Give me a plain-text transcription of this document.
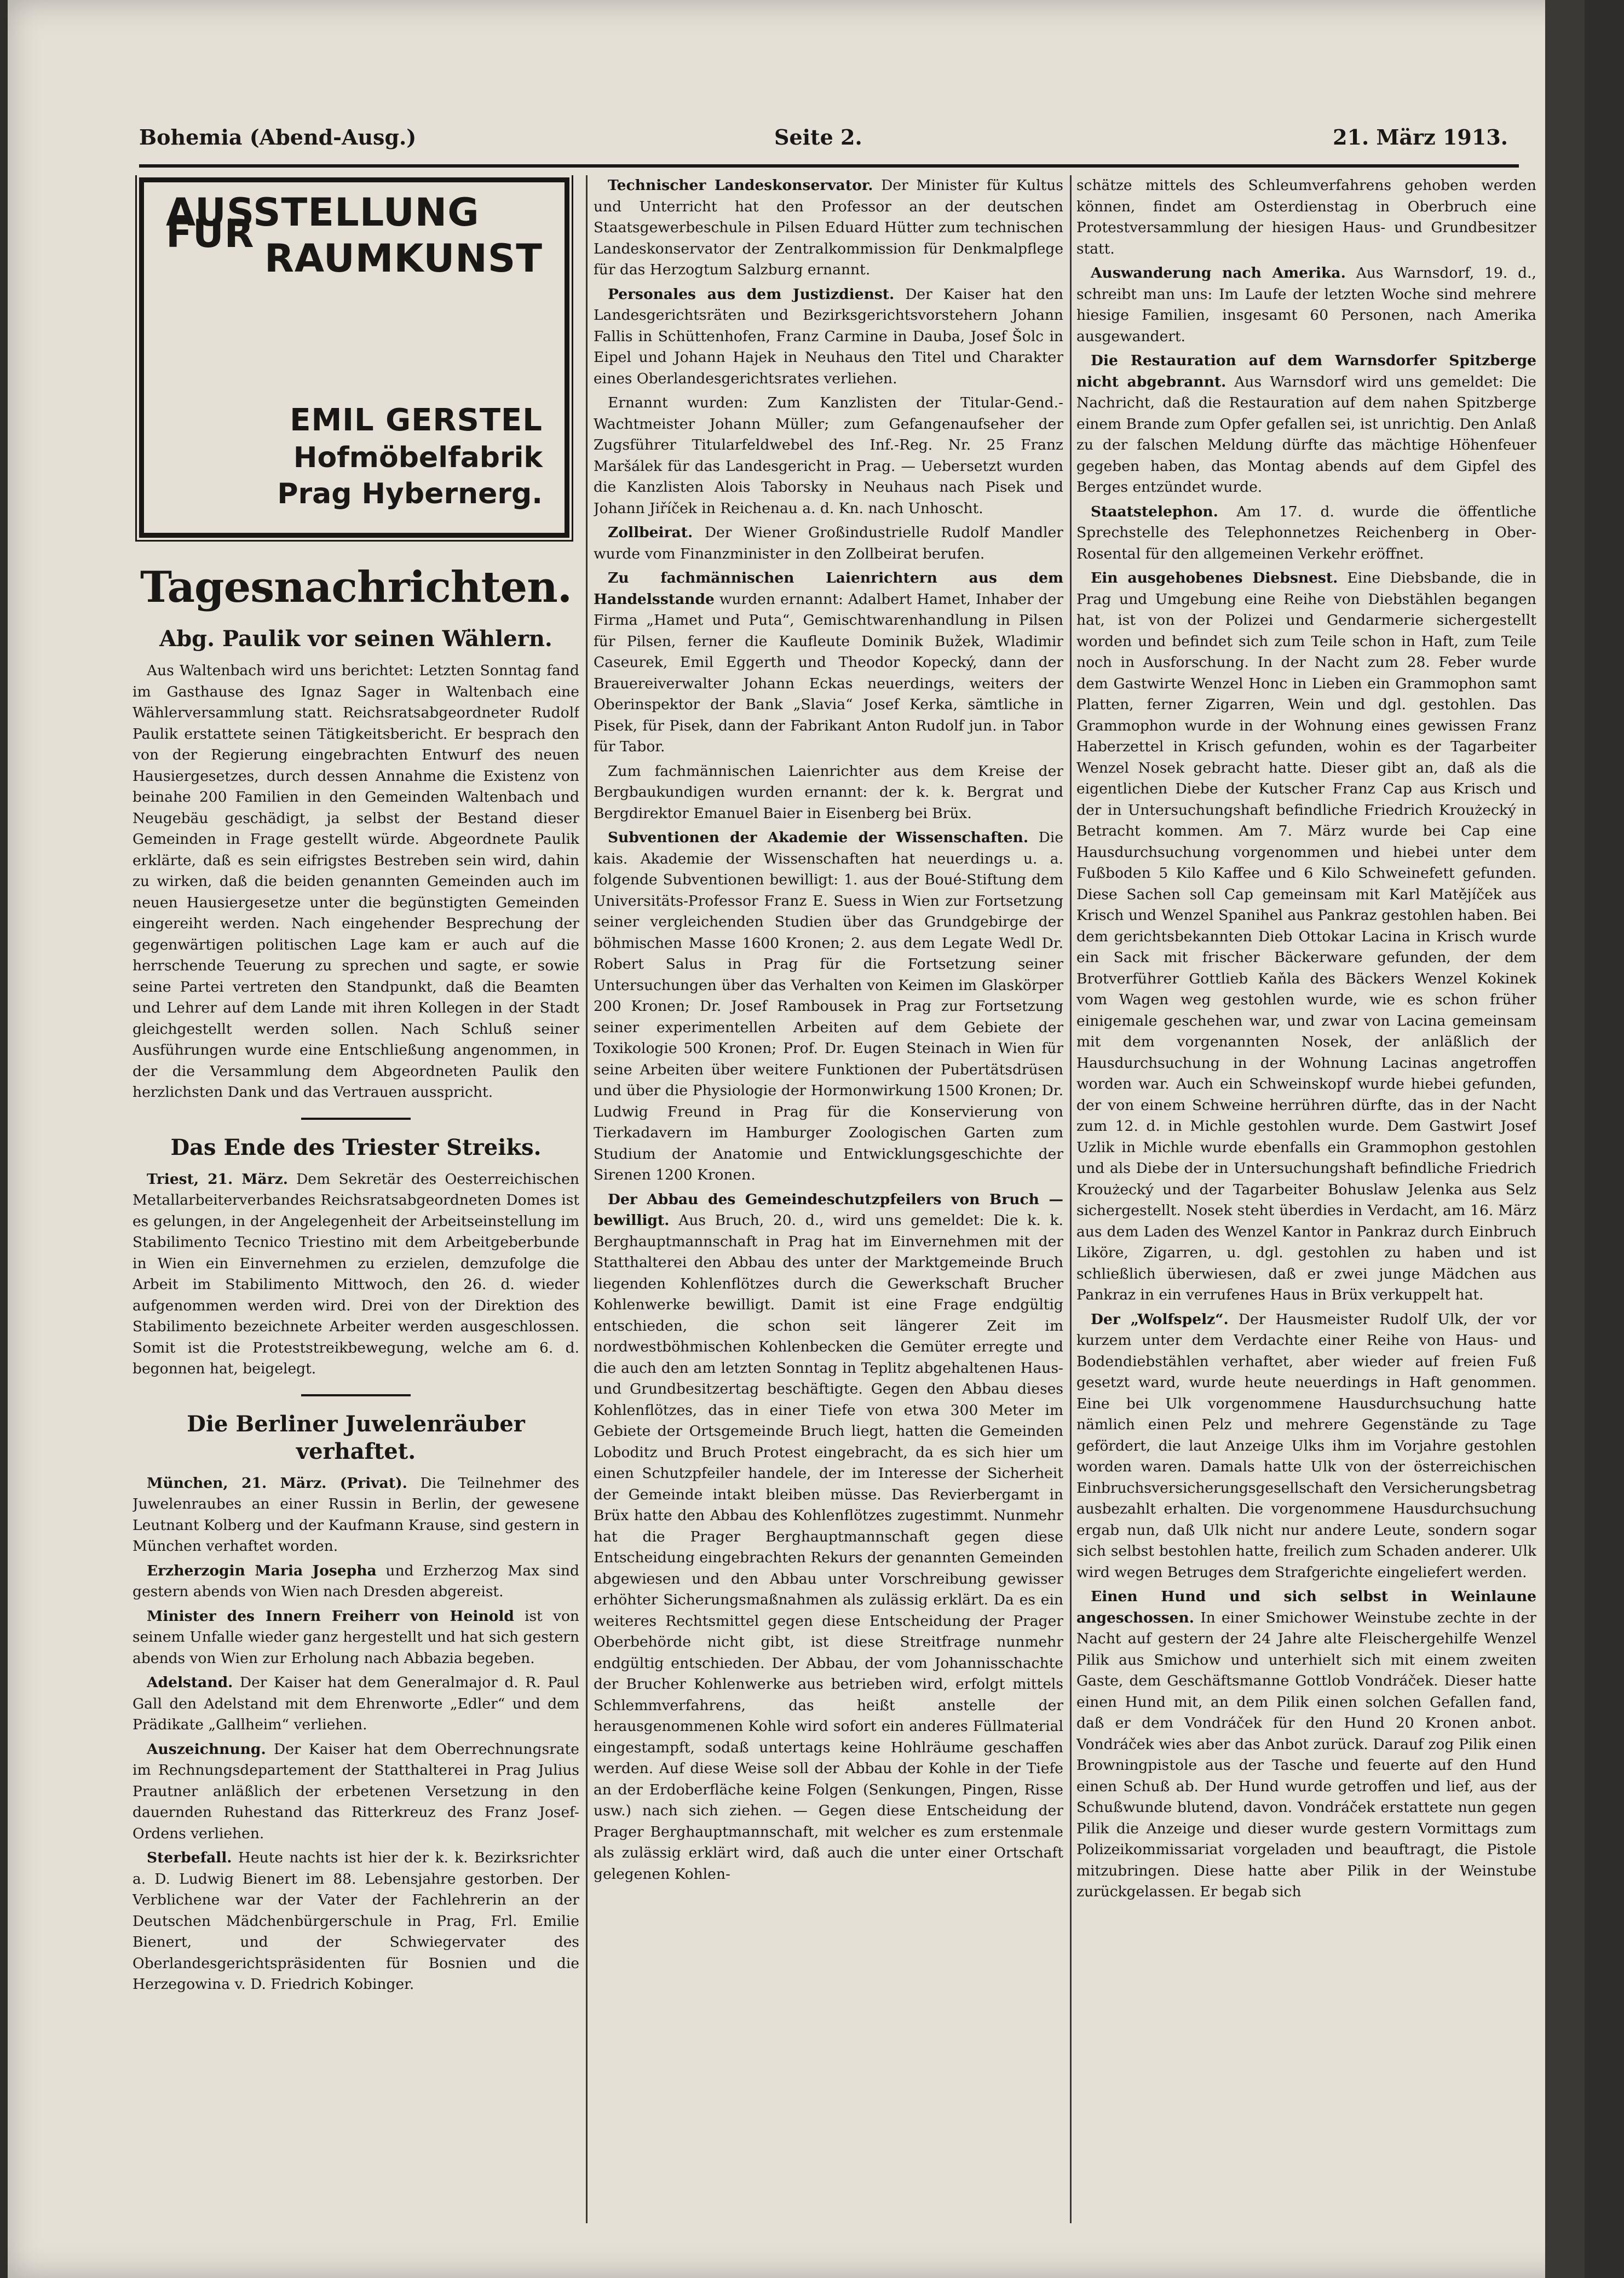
Bohemia (Abend-Ausg.)	Seite 2.	21. März 1913.
AUSSTELLUNG FUR
RAUMKUNST
EMIL GERSTEL
Hofmöbelfabrik
Prag Hybernerg.
Tagesnachrichten.
Abg. Paulik vor seinen Wählern.

Aus Waltenbach wird uns berichtet: Letzten Sonntag fand im Gasthause des Ignaz Sager in Waltenbach eine Wählerversammlung statt. Reichsratsabgeordneter Rudolf Paulik erstattete seinen Tätigkeitsbericht. Er besprach den von der Regierung eingebrachten Entwurf des neuen Hausiergesetzes, durch dessen Annahme die Existenz von beinahe 200 Familien in den Gemeinden Waltenbach und Neugebäu geschädigt, ja selbst der Bestand dieser Gemeinden in Frage gestellt würde. Abgeordnete Paulik erklärte, daß es sein eifrigstes Bestreben sein wird, dahin zu wirken, daß die beiden genannten Gemeinden auch im neuen Hausiergesetze unter die begünstigten Gemeinden eingereiht werden. Nach eingehender Besprechung der gegenwärtigen politischen Lage kam er auch auf die herrschende Teuerung zu sprechen und sagte, er sowie seine Partei vertreten den Standpunkt, daß die Beamten und Lehrer auf dem Lande mit ihren Kollegen in der Stadt gleichgestellt werden sollen. Nach Schluß seiner Ausführungen wurde eine Entschließung angenommen, in der die Versammlung dem Abgeordneten Paulik den herzlichsten Dank und das Vertrauen ausspricht.

Das Ende des Triester Streiks.

Triest, 21. März. Dem Sekretär des Oesterreichischen Metallarbeiterverbandes Reichsratsabgeordneten Domes ist es gelungen, in der Angelegenheit der Arbeitseinstellung im Stabilimento Tecnico Triestino mit dem Arbeitgeberbunde in Wien ein Einvernehmen zu erzielen, demzufolge die Arbeit im Stabilimento Mittwoch, den 26. d. wieder aufgenommen werden wird. Drei von der Direktion des Stabilimento bezeichnete Arbeiter werden ausgeschlossen. Somit ist die Proteststreikbewegung, welche am 6. d. begonnen hat, beigelegt.

Die Berliner Juwelenräuber verhaftet.

München, 21. März. (Privat). Die Teilnehmer des Juwelenraubes an einer Russin in Berlin, der gewesene Leutnant Kolberg und der Kaufmann Krause, sind gestern in München verhaftet worden.

Erzherzogin Maria Josepha und Erzherzog Max sind gestern abends von Wien nach Dresden abgereist.

Minister des Innern Freiherr von Heinold ist von seinem Unfalle wieder ganz hergestellt und hat sich gestern abends von Wien zur Erholung nach Abbazia begeben.

Adelstand. Der Kaiser hat dem Generalmajor d. R. Paul Gall den Adelstand mit dem Ehrenworte „Edler“ und dem Prädikate „Gallheim“ verliehen.

Auszeichnung. Der Kaiser hat dem Oberrechnungsrate im Rechnungsdepartement der Statthalterei in Prag Julius Prautner anläßlich der erbetenen Versetzung in den dauernden Ruhestand das Ritterkreuz des Franz Josef-Ordens verliehen.

Sterbefall. Heute nachts ist hier der k. k. Bezirksrichter a. D. Ludwig Bienert im 88. Lebensjahre gestorben. Der Verblichene war der Vater der Fachlehrerin an der Deutschen Mädchenbürgerschule in Prag, Frl. Emilie Bienert, und der Schwiegervater des Oberlandesgerichtspräsidenten für Bosnien und die Herzegowina v. D. Friedrich Kobinger.

Technischer Landeskonservator. Der Minister für Kultus und Unterricht hat den Professor an der deutschen Staatsgewerbeschule in Pilsen Eduard Hütter zum technischen Landeskonservator der Zentralkommission für Denkmalpflege für das Herzogtum Salzburg ernannt.

Personales aus dem Justizdienst. Der Kaiser hat den Landesgerichtsräten und Bezirksgerichtsvorstehern Johann Fallis in Schüttenhofen, Franz Carmine in Dauba, Josef Šolc in Eipel und Johann Hajek in Neuhaus den Titel und Charakter eines Oberlandesgerichtsrates verliehen.

Ernannt wurden: Zum Kanzlisten der Titular-Gend.-Wachtmeister Johann Müller; zum Gefangenaufseher der Zugsführer Titularfeldwebel des Inf.-Reg. Nr. 25 Franz Maršálek für das Landesgericht in Prag. — Uebersetzt wurden die Kanzlisten Alois Taborsky in Neuhaus nach Pisek und Johann Jiříček in Reichenau a. d. Kn. nach Unhoscht.

Zollbeirat. Der Wiener Großindustrielle Rudolf Mandler wurde vom Finanzminister in den Zollbeirat berufen.

Zu fachmännischen Laienrichtern aus dem Handelsstande wurden ernannt: Adalbert Hamet, Inhaber der Firma „Hamet und Puta“, Gemischtwarenhandlung in Pilsen für Pilsen, ferner die Kaufleute Dominik Bužek, Wladimir Caseurek, Emil Eggerth und Theodor Kopecký, dann der Brauereiverwalter Johann Eckas neuerdings, weiters der Oberinspektor der Bank „Slavia“ Josef Kerka, sämtliche in Pisek, für Pisek, dann der Fabrikant Anton Rudolf jun. in Tabor für Tabor.

Zum fachmännischen Laienrichter aus dem Kreise der Bergbaukundigen wurden ernannt: der k. k. Bergrat und Bergdirektor Emanuel Baier in Eisenberg bei Brüx.

Subventionen der Akademie der Wissenschaften. Die kais. Akademie der Wissenschaften hat neuerdings u. a. folgende Subventionen bewilligt: 1. aus der Boué-Stiftung dem Universitäts-Professor Franz E. Suess in Wien zur Fortsetzung seiner vergleichenden Studien über das Grundgebirge der böhmischen Masse 1600 Kronen; 2. aus dem Legate Wedl Dr. Robert Salus in Prag für die Fortsetzung seiner Untersuchungen über das Verhalten von Keimen im Glaskörper 200 Kronen; Dr. Josef Rambousek in Prag zur Fortsetzung seiner experimentellen Arbeiten auf dem Gebiete der Toxikologie 500 Kronen; Prof. Dr. Eugen Steinach in Wien für seine Arbeiten über weitere Funktionen der Pubertätsdrüsen und über die Physiologie der Hormonwirkung 1500 Kronen; Dr. Ludwig Freund in Prag für die Konservierung von Tierkadavern im Hamburger Zoologischen Garten zum Studium der Anatomie und Entwicklungsgeschichte der Sirenen 1200 Kronen.

Der Abbau des Gemeindeschutzpfeilers von Bruch — bewilligt. Aus Bruch, 20. d., wird uns gemeldet: Die k. k. Berghauptmannschaft in Prag hat im Einvernehmen mit der Statthalterei den Abbau des unter der Marktgemeinde Bruch liegenden Kohlenflötzes durch die Gewerkschaft Brucher Kohlenwerke bewilligt. Damit ist eine Frage endgültig entschieden, die schon seit längerer Zeit im nordwestböhmischen Kohlenbecken die Gemüter erregte und die auch den am letzten Sonntag in Teplitz abgehaltenen Haus- und Grundbesitzertag beschäftigte. Gegen den Abbau dieses Kohlenflötzes, das in einer Tiefe von etwa 300 Meter im Gebiete der Ortsgemeinde Bruch liegt, hatten die Gemeinden Loboditz und Bruch Protest eingebracht, da es sich hier um einen Schutzpfeiler handele, der im Interesse der Sicherheit der Gemeinde intakt bleiben müsse. Das Revierbergamt in Brüx hatte den Abbau des Kohlenflötzes zugestimmt. Nunmehr hat die Prager Berghauptmannschaft gegen diese Entscheidung eingebrachten Rekurs der genannten Gemeinden abgewiesen und den Abbau unter Vorschreibung gewisser erhöhter Sicherungsmaßnahmen als zulässig erklärt. Da es ein weiteres Rechtsmittel gegen diese Entscheidung der Prager Oberbehörde nicht gibt, ist diese Streitfrage nunmehr endgültig entschieden. Der Abbau, der vom Johannisschachte der Brucher Kohlenwerke aus betrieben wird, erfolgt mittels Schlemmverfahrens, das heißt anstelle der herausgenommenen Kohle wird sofort ein anderes Füllmaterial eingestampft, sodaß untertags keine Hohlräume geschaffen werden. Auf diese Weise soll der Abbau der Kohle in der Tiefe an der Erdoberfläche keine Folgen (Senkungen, Pingen, Risse usw.) nach sich ziehen. — Gegen diese Entscheidung der Prager Berghauptmannschaft, mit welcher es zum erstenmale als zulässig erklärt wird, daß auch die unter einer Ortschaft gelegenen Kohlen-

schätze mittels des Schleumverfahrens gehoben werden können, findet am Osterdienstag in Oberbruch eine Protestversammlung der hiesigen Haus- und Grundbesitzer statt.

Auswanderung nach Amerika. Aus Warnsdorf, 19. d., schreibt man uns: Im Laufe der letzten Woche sind mehrere hiesige Familien, insgesamt 60 Personen, nach Amerika ausgewandert.

Die Restauration auf dem Warnsdorfer Spitzberge nicht abgebrannt. Aus Warnsdorf wird uns gemeldet: Die Nachricht, daß die Restauration auf dem nahen Spitzberge einem Brande zum Opfer gefallen sei, ist unrichtig. Den Anlaß zu der falschen Meldung dürfte das mächtige Höhenfeuer gegeben haben, das Montag abends auf dem Gipfel des Berges entzündet wurde.

Staatstelephon. Am 17. d. wurde die öffentliche Sprechstelle des Telephonnetzes Reichenberg in Ober-Rosental für den allgemeinen Verkehr eröffnet.

Ein ausgehobenes Diebsnest. Eine Diebsbande, die in Prag und Umgebung eine Reihe von Diebstählen begangen hat, ist von der Polizei und Gendarmerie sichergestellt worden und befindet sich zum Teile schon in Haft, zum Teile noch in Ausforschung. In der Nacht zum 28. Feber wurde dem Gastwirte Wenzel Honc in Lieben ein Grammophon samt Platten, ferner Zigarren, Wein und dgl. gestohlen. Das Grammophon wurde in der Wohnung eines gewissen Franz Haberzettel in Krisch gefunden, wohin es der Tagarbeiter Wenzel Nosek gebracht hatte. Dieser gibt an, daß als die eigentlichen Diebe der Kutscher Franz Cap aus Krisch und der in Untersuchungshaft befindliche Friedrich Kroużecký in Betracht kommen. Am 7. März wurde bei Cap eine Hausdurchsuchung vorgenommen und hiebei unter dem Fußboden 5 Kilo Kaffee und 6 Kilo Schweinefett gefunden. Diese Sachen soll Cap gemeinsam mit Karl Matějíček aus Krisch und Wenzel Spanihel aus Pankraz gestohlen haben. Bei dem gerichtsbekannten Dieb Ottokar Lacina in Krisch wurde ein Sack mit frischer Bäckerware gefunden, der dem Brotverführer Gottlieb Kaňla des Bäckers Wenzel Kokinek vom Wagen weg gestohlen wurde, wie es schon früher einigemale geschehen war, und zwar von Lacina gemeinsam mit dem vorgenannten Nosek, der anläßlich der Hausdurchsuchung in der Wohnung Lacinas angetroffen worden war. Auch ein Schweinskopf wurde hiebei gefunden, der von einem Schweine herrühren dürfte, das in der Nacht zum 12. d. in Michle gestohlen wurde. Dem Gastwirt Josef Uzlik in Michle wurde ebenfalls ein Grammophon gestohlen und als Diebe der in Untersuchungshaft befindliche Friedrich Kroużecký und der Tagarbeiter Bohuslaw Jelenka aus Selz sichergestellt. Nosek steht überdies in Verdacht, am 16. März aus dem Laden des Wenzel Kantor in Pankraz durch Einbruch Liköre, Zigarren, u. dgl. gestohlen zu haben und ist schließlich überwiesen, daß er zwei junge Mädchen aus Pankraz in ein verrufenes Haus in Brüx verkuppelt hat.

Der „Wolfspelz“. Der Hausmeister Rudolf Ulk, der vor kurzem unter dem Verdachte einer Reihe von Haus- und Bodendiebstählen verhaftet, aber wieder auf freien Fuß gesetzt ward, wurde heute neuerdings in Haft genommen. Eine bei Ulk vorgenommene Hausdurchsuchung hatte nämlich einen Pelz und mehrere Gegenstände zu Tage gefördert, die laut Anzeige Ulks ihm im Vorjahre gestohlen worden waren. Damals hatte Ulk von der österreichischen Einbruchsversicherungsgesellschaft den Versicherungsbetrag ausbezahlt erhalten. Die vorgenommene Hausdurchsuchung ergab nun, daß Ulk nicht nur andere Leute, sondern sogar sich selbst bestohlen hatte, freilich zum Schaden anderer. Ulk wird wegen Betruges dem Strafgerichte eingeliefert werden.

Einen Hund und sich selbst in Weinlaune angeschossen. In einer Smichower Weinstube zechte in der Nacht auf gestern der 24 Jahre alte Fleischergehilfe Wenzel Pilik aus Smichow und unterhielt sich mit einem zweiten Gaste, dem Geschäftsmanne Gottlob Vondráček. Dieser hatte einen Hund mit, an dem Pilik einen solchen Gefallen fand, daß er dem Vondráček für den Hund 20 Kronen anbot. Vondráček wies aber das Anbot zurück. Darauf zog Pilik einen Browningpistole aus der Tasche und feuerte auf den Hund einen Schuß ab. Der Hund wurde getroffen und lief, aus der Schußwunde blutend, davon. Vondráček erstattete nun gegen Pilik die Anzeige und dieser wurde gestern Vormittags zum Polizeikommissariat vorgeladen und beauftragt, die Pistole mitzubringen. Diese hatte aber Pilik in der Weinstube zurückgelassen. Er begab sich
